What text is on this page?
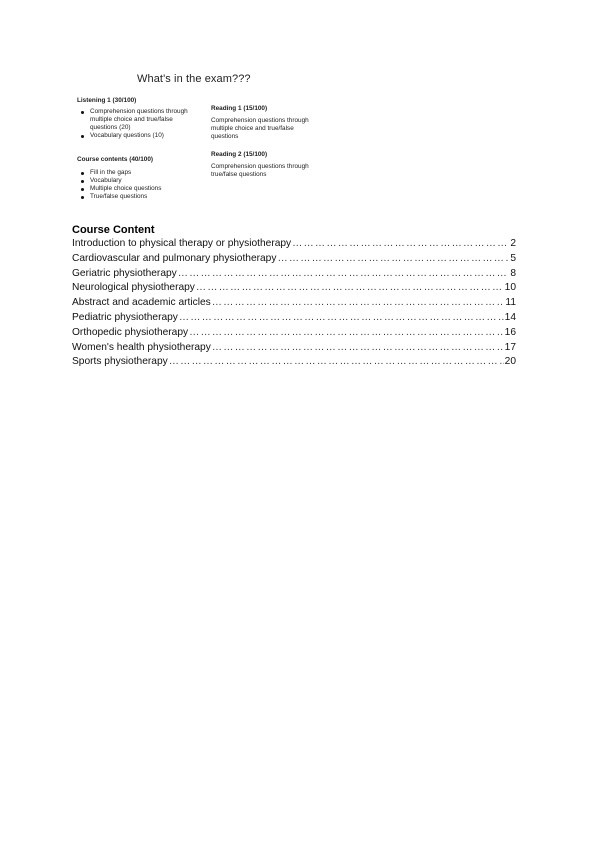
What's in the exam???
Listening 1 (30/100)
Comprehension questions through multiple choice and true/false questions (20)
Vocabulary questions (10)
Course contents (40/100)
Fill in the gaps
Vocabulary
Multiple choice questions
True/false questions
Reading 1 (15/100)
Comprehension questions through multiple choice and true/false questions
Reading 2 (15/100)
Comprehension questions through true/false questions
Course Content
Introduction to physical therapy or physiotherapy …………………………………………………………………………………………………………………………	2
Cardiovascular and pulmonary physiotherapy …………………………………………………………………………………………………………………………	5
Geriatric physiotherapy …………………………………………………………………………………………………………………………	8
Neurological physiotherapy …………………………………………………………………………………………………………………………	10
Abstract and academic articles …………………………………………………………………………………………………………………………	11
Pediatric physiotherapy …………………………………………………………………………………………………………………………	14
Orthopedic physiotherapy …………………………………………………………………………………………………………………………	16
Women's health physiotherapy …………………………………………………………………………………………………………………………	17
Sports physiotherapy …………………………………………………………………………………………………………………………	20
